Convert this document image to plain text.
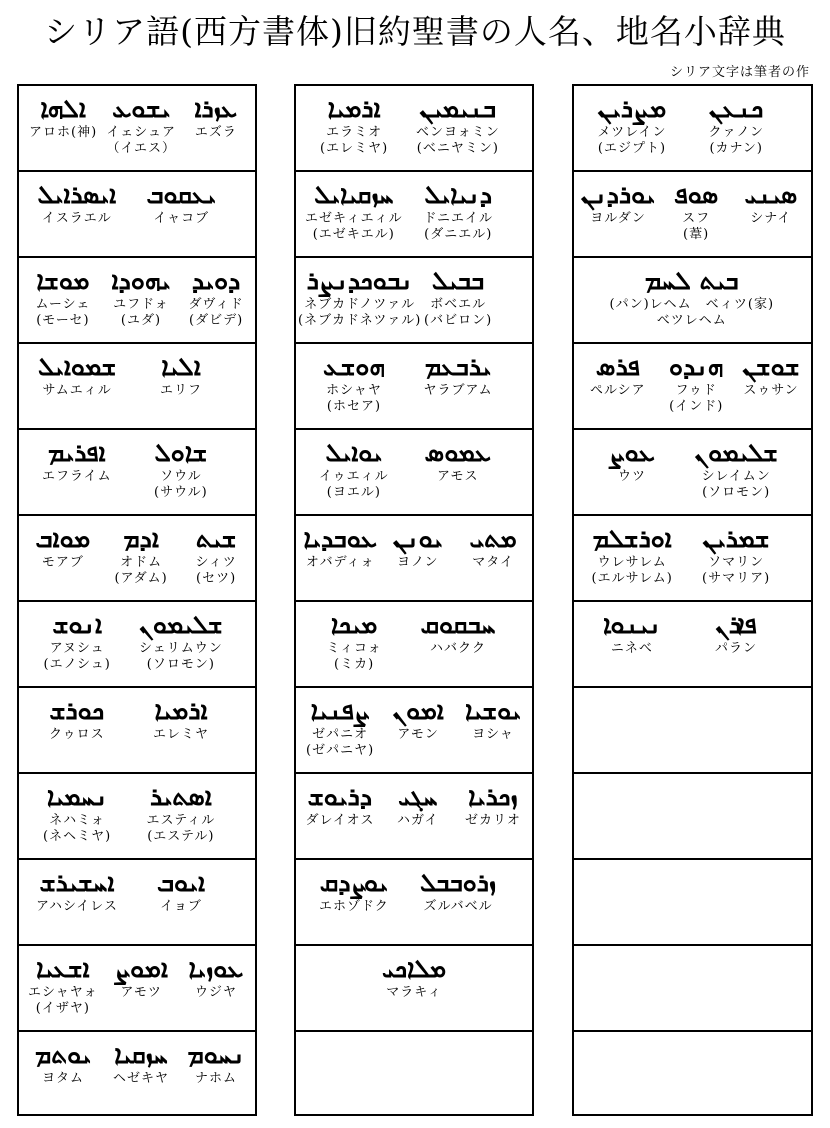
シリア語(西方書体)旧約聖書の人名、地名小辞典
シリア文字は筆者の作
ܥܙܪܐ
エズラ
ܝܫܘܥ
イェシュア
（イエス）
ܐܠܗܐ
アロホ(神)
ܝܥܩܘܒ
イャコブ
ܐܝܣܪܐܝܠ
イスラエル
ܕܘܝܕ
ダヴィド
(ダビデ)
ܝܗܘܕܐ
ユフドォ
(ユダ)
ܡܘܫܐ
ムーシェ
(モーセ)
ܐܠܝܐ
エリフ
ܫܡܘܐܝܠ
サムエィル
ܫܐܘܠ
ソウル
(サウル)
ܐܦܪܝܡ
エフライム
ܫܝܬ
シィツ
(セツ)
ܐܕܡ
オドム
(アダム)
ܡܘܐܒ
モアブ
ܫܠܝܡܘܢ
シェリムウン
(ソロモン)
ܐܢܘܫ
アヌシュ
(エノシュ)
ܐܪܡܝܐ
エレミヤ
ܟܘܪܫ
クゥロス
ܐܣܬܝܪ
エスティル
(エステル)
ܢܚܡܝܐ
ネハミォ
(ネヘミヤ)
ܐܝܘܒ
イョブ
ܐܚܫܝܪܫ
アハシイレス
ܥܘܙܝܐ
ウジヤ
ܐܡܘܨ
アモツ
ܐܫܥܝܐ
エシャヤォ
(イザヤ)
ܢܚܘܡ
ナホム
ܚܙܩܝܐ
ヘゼキヤ
ܝܘܬܡ
ヨタム
ܒܢܝܡܝܢ
ベンヨォミン
(ベニヤミン)
ܐܪܡܝܐ
エラミオ
(エレミヤ)
ܕܢܝܐܝܠ
ドニエイル
(ダニエル)
ܚܙܩܝܐܝܠ
エゼキィエィル
(エゼキエル)
ܒܒܝܠ
ボベエル
(バビロン)
ܢܒܘܟܕܢܨܪ
ネブカドノツァル
(ネブカドネツァル)
ܝܪܒܥܡ
ヤラブアム
ܗܘܫܥ
ホシャヤ
(ホセア)
ܥܡܘܣ
アモス
ܝܘܐܝܠ
イゥエィル
(ヨエル)
ܡܬܝ
マタイ
ܝܘܢܢ
ヨノン
ܥܘܒܕܝܐ
オバディォ
ܚܒܩܘܩ
ハバクク
ܡܝܟܐ
ミィコォ
(ミカ)
ܝܘܫܝܐ
ヨシャ
ܐܡܘܢ
アモン
ܨܦܢܝܐ
ゼパニオ
(ゼパニヤ)
ܙܟܪܝܐ
ゼカリオ
ܚܓܝ
ハガイ
ܕܪܝܘܫ
ダレイオス
ܙܪܘܒܒܠ
ズルバベル
ܝܘܨܕܩ
エホゾドク
ܡܠܐܟܝ
マラキィ
ܟܢܥܢ
クァノン
(カナン)
ܡܨܪܝܢ
メツレイン
(エジプト)
ܣܝܢܝ
シナイ
ܣܘܦ
スフ
(葦)
ܝܘܪܕܢܢ
ヨルダン
ܒܝܬ ܠܚܡ
(パン)レヘム　ベィツ(家)
ベツレヘム
ܫܘܫܢ
スゥサン
ܗܢܕܘ
フゥド
(インド)
ܦܪܣ
ペルシア
ܫܠܝܡܘܢ
シレイムン
(ソロモン)
ܥܘܨ
ウツ
ܫܡܪܝܢ
ソマリン
(サマリア)
ܐܘܪܫܠܡ
ウレサレム
(エルサレム)
ܦܐܪܢ
パラン
ܢܝܢܘܐ
ニネベ
